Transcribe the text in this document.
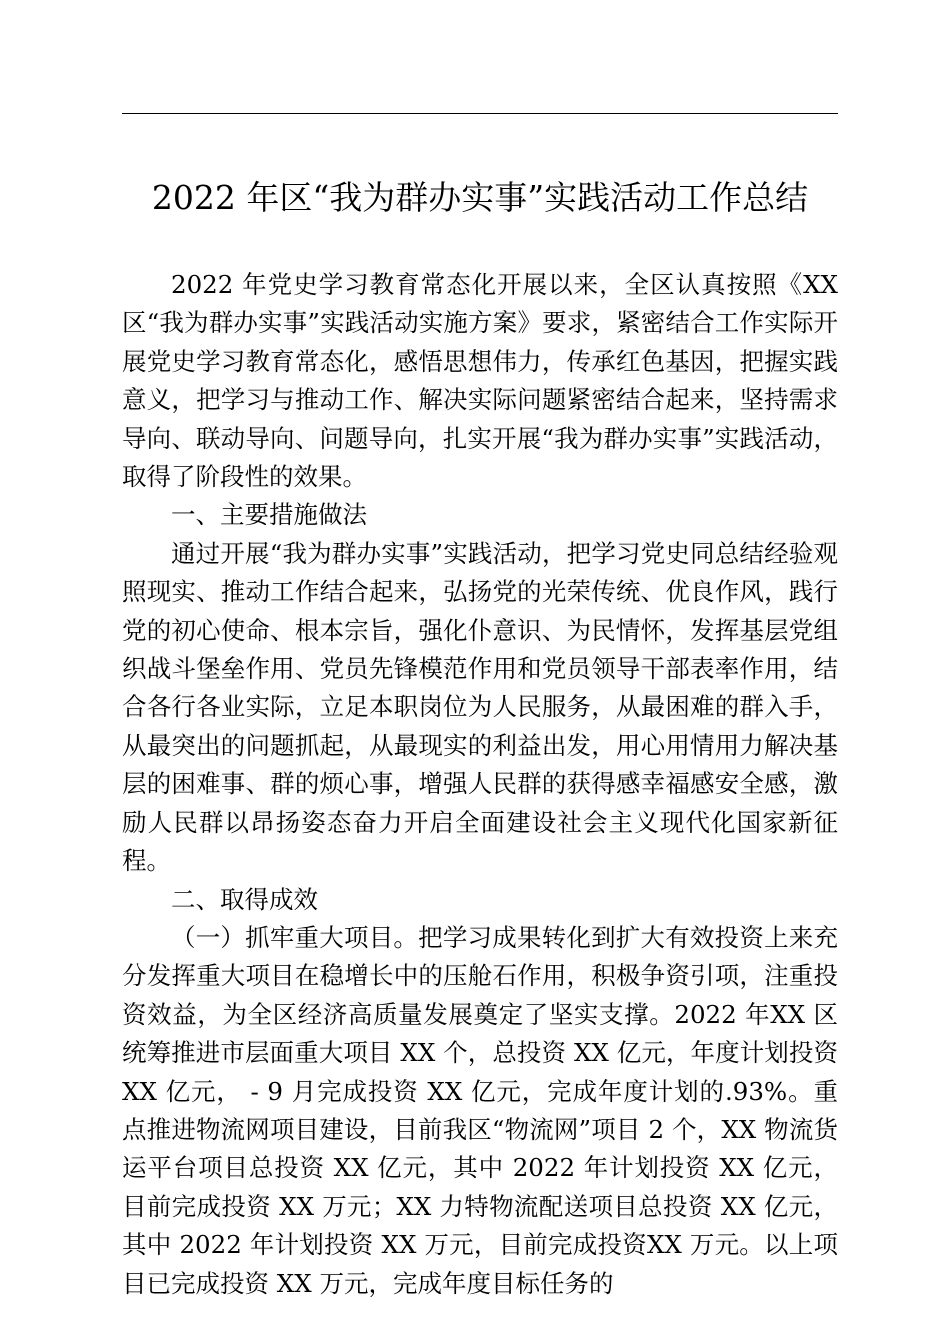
2022 年区“我为群办实事”实践活动工作总结

2022 年党史学习教育常态化开展以来，全区认真按照《XX 区“我为群办实事”实践活动实施方案》要求，紧密结合工作实际开展党史学习教育常态化，感悟思想伟力，传承红色基因，把握实践意义，把学习与推动工作、解决实际问题紧密结合起来，坚持需求导向、联动导向、问题导向，扎实开展“我为群办实事”实践活动，取得了阶段性的效果。

一、主要措施做法

通过开展“我为群办实事”实践活动，把学习党史同总结经验观照现实、推动工作结合起来，弘扬党的光荣传统、优良作风，践行党的初心使命、根本宗旨，强化仆意识、为民情怀，发挥基层党组织战斗堡垒作用、党员先锋模范作用和党员领导干部表率作用，结合各行各业实际，立足本职岗位为人民服务，从最困难的群入手，从最突出的问题抓起，从最现实的利益出发，用心用情用力解决基层的困难事、群的烦心事，增强人民群的获得感幸福感安全感，激励人民群以昂扬姿态奋力开启全面建设社会主义现代化国家新征程。

二、取得成效

（一）抓牢重大项目。把学习成果转化到扩大有效投资上来充分发挥重大项目在稳增长中的压舱石作用，积极争资引项，注重投资效益，为全区经济高质量发展奠定了坚实支撑。2022 年XX 区统筹推进市层面重大项目 XX 个，总投资 XX 亿元，年度计划投资 XX 亿元， - 9 月完成投资 XX 亿元，完成年度计划的.93%。重点推进物流网项目建设，目前我区“物流网”项目 2 个，XX 物流货运平台项目总投资 XX 亿元，其中 2022 年计划投资 XX 亿元，目前完成投资 XX 万元；XX 力特物流配送项目总投资 XX 亿元，其中 2022 年计划投资 XX 万元，目前完成投资XX 万元。以上项目已完成投资 XX 万元，完成年度目标任务的
